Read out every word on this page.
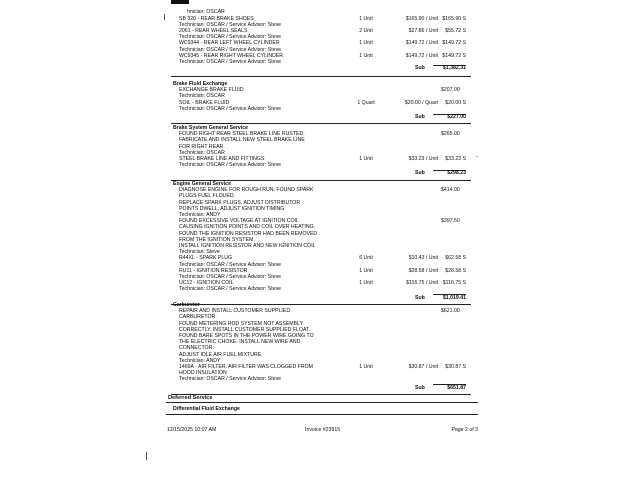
-
hnician: OSCAR
SB 320 - REAR BRAKE SHOES	1 Unit	$165.90 / Unit $165.90 S
Technician: OSCAR / Service Advisor: Steve
2061 - REAR WHEEL SEALS	2 Unit	$27.86 / Unit $55.72 S
Technician: OSCAR / Service Advisor: Steve
WC9344 - REAR LEFT WHEEL CYLINDER	1 Unit	$149.72 / Unit $149.72 S
Technician: OSCAR / Service Advisor: Steve
WC9345 - REAR RIGHT WHEEL CYLINDER	1 Unit	$149.72 / Unit $149.72 S
Technician: OSCAR / Service Advisor: Steve
Sub	$1,382.31
Brake Fluid Exchange
EXCHANGE BRAKE FLUID
Technician: OSCAR
$207.00
SOIL - BRAKE FLUID	1 Quart	$20.00 / Quart $20.00 S
Technician: OSCAR / Service Advisor: Steve
Sub	$227.00
Brake System General Service
FOUND RIGHT REAR STEEL BRAKE LINE RUSTED.
FABRICATE AND INSTALL NEW STEEL BRAKE LINE
FOR RIGHT REAR.
Technician: OSCAR
$265.00
STEEL BRAKE LINE AND FITTINGS	1 Unit	$33.23 / Unit $33.23 S
Technician: OSCAR / Service Advisor: Steve
Sub	$298.23
Engine General Service
DIAGNOSE ENGINE FOR ROUGH RUN. FOUND SPARK
PLUGS FUEL FLOUED.
REPLACE SPARK PLUGS. ADJUST DISTRIBUTOR
POINTS DWELL. ADJUST IGNITION TIMING
Technician: ANDY
$414.00
FOUND EXCESSIVE VOLTAGE AT IGNITION COIL
CAUSING IGNITION POINTS AND COIL OVER HEATING.
FOUND THE IGNITION RESISTOR HAD BEEN REMOVED
FROM THE IGNITION SYSTEM.
INSTALL IGNITION RESISTOR AND NEW IGNITION COIL
Technician: Steve
$397.50
R44XL - SPARK PLUG	6 Unit	$10.43 / Unit $62.58 S
Technician: OSCAR / Service Advisor: Steve
RU11 - IGNITION RESISTOR	1 Unit	$28.58 / Unit $28.58 S
Technician: OSCAR / Service Advisor: Steve
UC12 - IGNITION COIL	1 Unit	$116.75 / Unit $116.75 S
Technician: OSCAR / Service Advisor: Steve
Sub	$1,019.41
Carburetor
REPAIR AND INSTALL CUSTOMER SUPPLIED
CARBURETOR.
FOUND METERING ROD SYSTEM NOT ASSEMBLY
CORRECTLY. INSTALL CUSTOMER SUPPLIED FLOAT.
FOUND BARE SPOTS IN THE POWER WIRE GOING TO
THE ELECTRIC CHOKE. INSTALL NEW WIRE AND
CONNECTOR.
ADJUST IDLE AIR FUEL MIXTURE.
Technician: ANDY
$621.00
1469A - AIR FILTER. AIR FILTER WAS CLOGGED FROM	1 Unit	$30.87 / Unit $30.87 S
HOOD INSULATION
Technician: OSCAR / Service Advisor: Steve
Sub	$651.87
Deferred Service
Differential Fluid Exchange
12/15/2025 10:07 AM	Invoice #23915	Page 2 of 3
